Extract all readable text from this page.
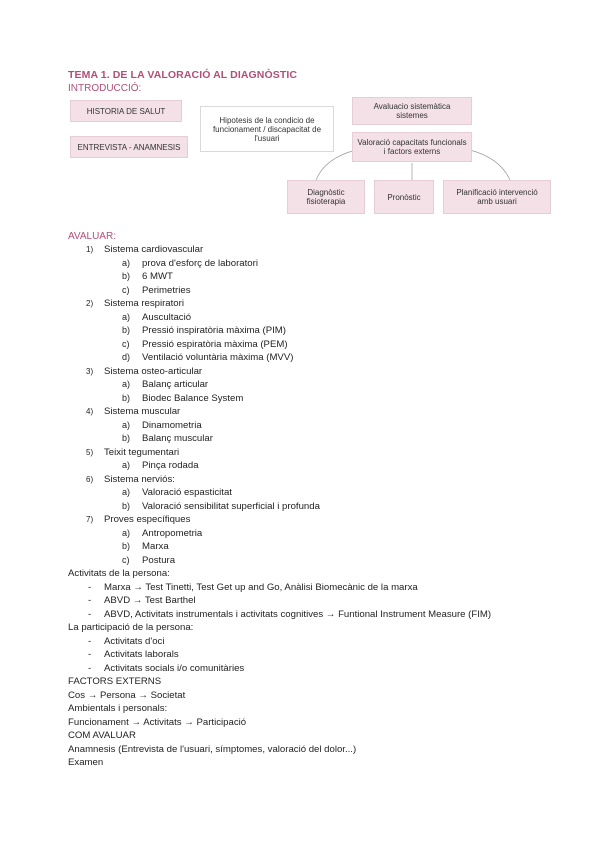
TEMA 1. DE LA VALORACIÓ AL DIAGNÒSTIC
INTRODUCCIÓ:
HISTORIA DE SALUT
ENTREVISTA - ANAMNESIS
Hipotesis de la condicio de funcionament / discapacitat de l'usuari
Avaluacio sistemàtica sistemes
Valoració capacitats funcionals i factors externs
Diagnòstic fisioterapia	Pronòstic	Planificació intervenció amb usuari
AVALUAR:
1) Sistema cardiovascular
a) prova d'esforç de laboratori
b) 6 MWT
c) Perimetries
2) Sistema respiratori
a) Auscultació
b) Pressió inspiratòria màxima (PIM)
c) Pressió espiratòria màxima (PEM)
d) Ventilació voluntària màxima (MVV)
3) Sistema osteo-articular
a) Balanç articular
b) Biodec Balance System
4) Sistema muscular
a) Dinamometria
b) Balanç muscular
5) Teixit tegumentari
a) Pinça rodada
6) Sistema nerviós:
a) Valoració espasticitat
b) Valoració sensibilitat superficial i profunda
7) Proves específiques
a) Antropometria
b) Marxa
c) Postura
Activitats de la persona:
- Marxa → Test Tinetti, Test Get up and Go, Anàlisi Biomecànic de la marxa
- ABVD → Test Barthel
- ABVD, Activitats instrumentals i activitats cognitives → Funtional Instrument Measure (FIM)
La participació de la persona:
- Activitats d'oci
- Activitats laborals
- Activitats socials i/o comunitàries
FACTORS EXTERNS
Cos → Persona → Societat
Ambientals i personals:
Funcionament → Activitats → Participació
COM AVALUAR
Anamnesis (Entrevista de l'usuari, símptomes, valoració del dolor...)
Examen
